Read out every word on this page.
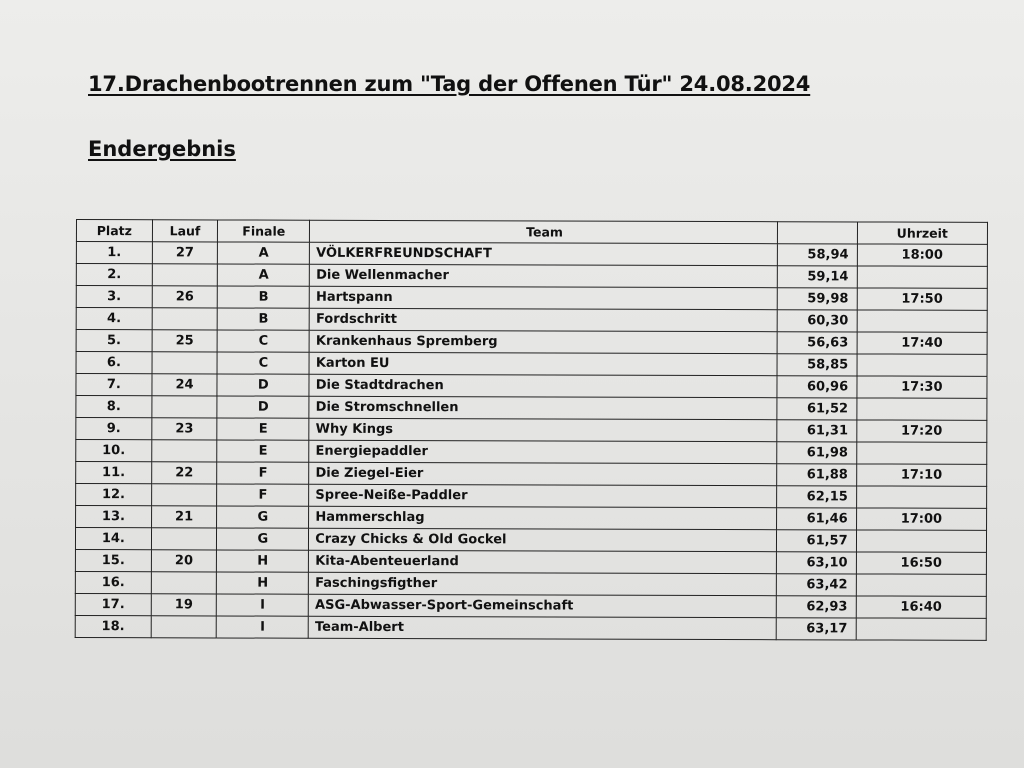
17.Drachenbootrennen zum "Tag der Offenen Tür" 24.08.2024
Endergebnis
Platz	Lauf	Finale	Team		Uhrzeit
1.	27	A	VÖLKERFREUNDSCHAFT	58,94	18:00
2.		A	Die Wellenmacher	59,14	
3.	26	B	Hartspann	59,98	17:50
4.		B	Fordschritt	60,30	
5.	25	C	Krankenhaus Spremberg	56,63	17:40
6.		C	Karton EU	58,85	
7.	24	D	Die Stadtdrachen	60,96	17:30
8.		D	Die Stromschnellen	61,52	
9.	23	E	Why Kings	61,31	17:20
10.		E	Energiepaddler	61,98	
11.	22	F	Die Ziegel-Eier	61,88	17:10
12.		F	Spree-Neiße-Paddler	62,15	
13.	21	G	Hammerschlag	61,46	17:00
14.		G	Crazy Chicks & Old Gockel	61,57	
15.	20	H	Kita-Abenteuerland	63,10	16:50
16.		H	Faschingsfigther	63,42	
17.	19	I	ASG-Abwasser-Sport-Gemeinschaft	62,93	16:40
18.		I	Team-Albert	63,17	
